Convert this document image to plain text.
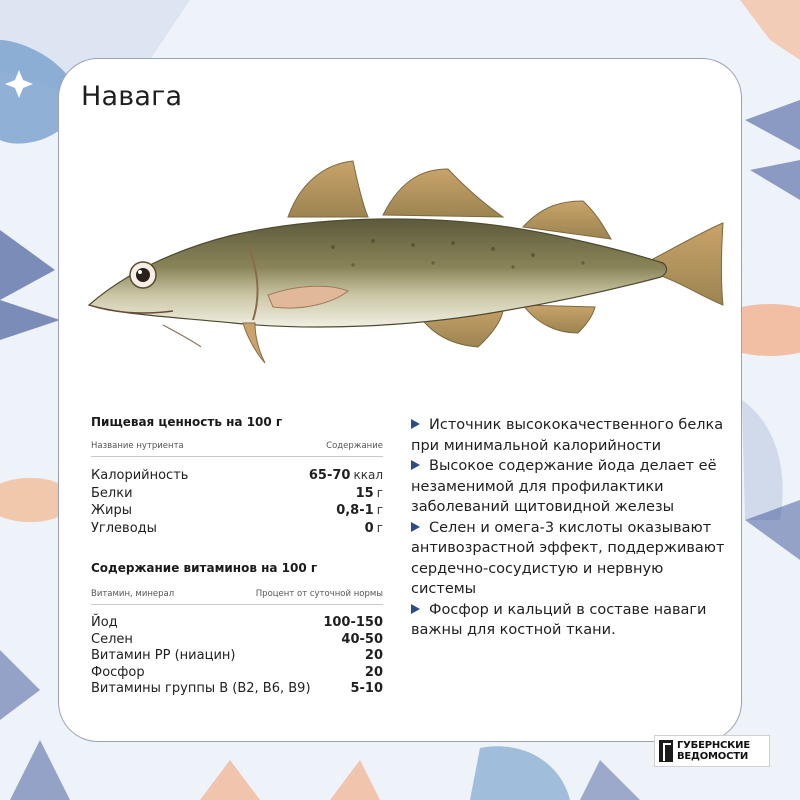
Навага
Пищевая ценность на 100 г
Название нутриента	Содержание
Калорийность	65-70 ккал
Белки	15 г
Жиры	0,8-1 г
Углеводы	0 г
Содержание витаминов на 100 г
Витамин, минерал	Процент от суточной нормы
Йод	100-150
Селен	40-50
Витамин PP (ниацин)	20
Фосфор	20
Витамины группы В (В2, В6, В9)	5-10
Источник высококачественного белка при минимальной калорийности
Высокое содержание йода делает её незаменимой для профилактики заболеваний щитовидной железы
Селен и омега-3 кислоты оказывают антивозрастной эффект, поддерживают сердечно-сосудистую и нервную системы
Фосфор и кальций в составе наваги важны для костной ткани.
ГУБЕРНСКИЕ
ВЕДОМОСТИ
